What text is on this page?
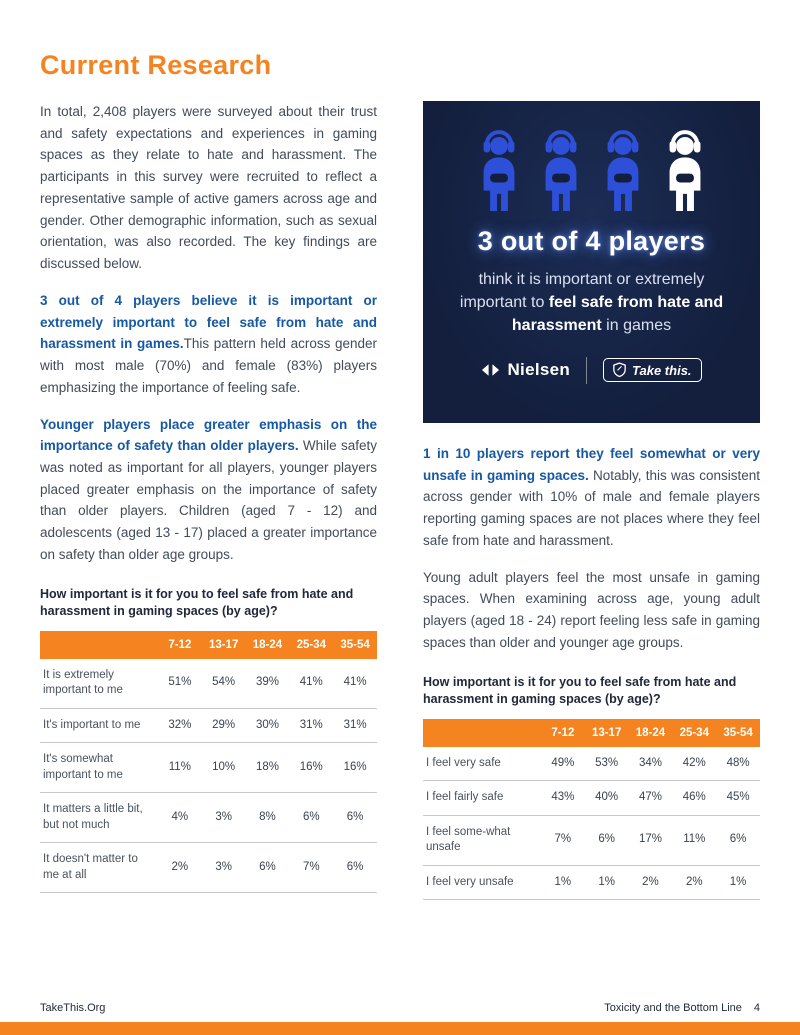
Current Research

In total, 2,408 players were surveyed about their trust and safety expectations and experiences in gaming spaces as they relate to hate and harassment. The participants in this survey were recruited to reflect a representative sample of active gamers across age and gender. Other demographic information, such as sexual orientation, was also recorded. The key findings are discussed below.

3 out of 4 players believe it is important or extremely important to feel safe from hate and harassment in games.This pattern held across gender with most male (70%) and female (83%) players emphasizing the importance of feeling safe.

Younger players place greater emphasis on the importance of safety than older players. While safety was noted as important for all players, younger players placed greater emphasis on the importance of safety than older players. Children (aged 7 - 12) and adolescents (aged 13 - 17) placed a greater importance on safety than older age groups.

How important is it for you to feel safe from hate and harassment in gaming spaces (by age)?
	7-12	13-17	18-24	25-34	35-54
It is extremely important to me	51%	54%	39%	41%	41%
It's important to me	32%	29%	30%	31%	31%
It's somewhat important to me	11%	10%	18%	16%	16%
It matters a little bit, but not much	4%	3%	8%	6%	6%
It doesn't matter to me at all	2%	3%	6%	7%	6%
3 out of 4 players
think it is important or extremely important to feel safe from hate and harassment in games
Nielsen	Take this.

1 in 10 players report they feel somewhat or very unsafe in gaming spaces. Notably, this was consistent across gender with 10% of male and female players reporting gaming spaces are not places where they feel safe from hate and harassment.

Young adult players feel the most unsafe in gaming spaces. When examining across age, young adult players (aged 18 - 24) report feeling less safe in gaming spaces than older and younger age groups.

How important is it for you to feel safe from hate and harassment in gaming spaces (by age)?
	7-12	13-17	18-24	25-34	35-54
I feel very safe	49%	53%	34%	42%	48%
I feel fairly safe	43%	40%	47%	46%	45%
I feel some-what unsafe	7%	6%	17%	11%	6%
I feel very unsafe	1%	1%	2%	2%	1%
TakeThis.Org	Toxicity and the Bottom Line 4
